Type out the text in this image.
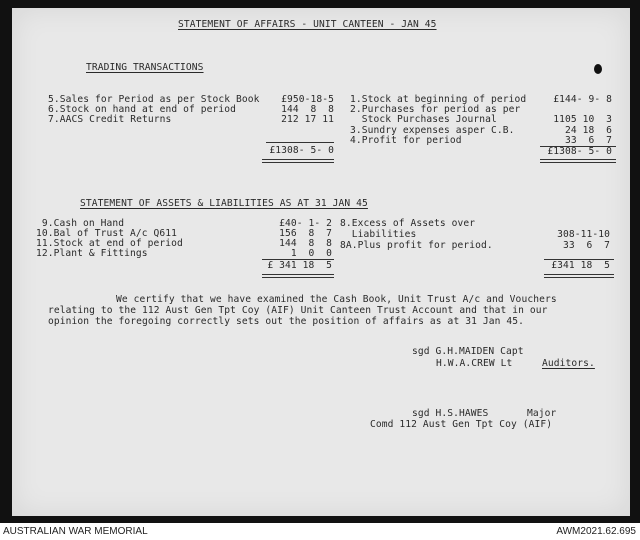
STATEMENT OF AFFAIRS - UNIT CANTEEN - JAN 45
TRADING TRANSACTIONS
5.Sales for Period as per Stock Book	£950-18-5
6.Stock on hand at end of period	144  8  8
7.AACS Credit Returns	212 17 11
£1308- 5- 0
1.Stock at beginning of period	£144- 9- 8
2.Purchases for period as per
Stock Purchases Journal	1105 10  3
3.Sundry expenses asper C.B.	24 18  6
4.Profit for period	33  6  7
£1308- 5- 0
STATEMENT OF ASSETS & LIABILITIES AS AT 31 JAN 45
9.Cash on Hand	£40- 1- 2
10.Bal of Trust A/c Q611	156  8  7
11.Stock at end of period	144  8  8
12.Plant & Fittings	1  0  0
£ 341 18  5
8.Excess of Assets over
Liabilities	308-11-10
8A.Plus profit for period.	33  6  7
£341 18  5
We certify that we have examined the Cash Book, Unit Trust A/c and Vouchers
relating to the 112 Aust Gen Tpt Coy (AIF) Unit Canteen Trust Account and that in our
opinion the foregoing correctly sets out the position of affairs as at 31 Jan 45.
sgd G.H.MAIDEN Capt
H.W.A.CREW Lt	Auditors.
sgd H.S.HAWES	Major
Comd 112 Aust Gen Tpt Coy (AIF)
AUSTRALIAN WAR MEMORIAL	AWM2021.62.695
